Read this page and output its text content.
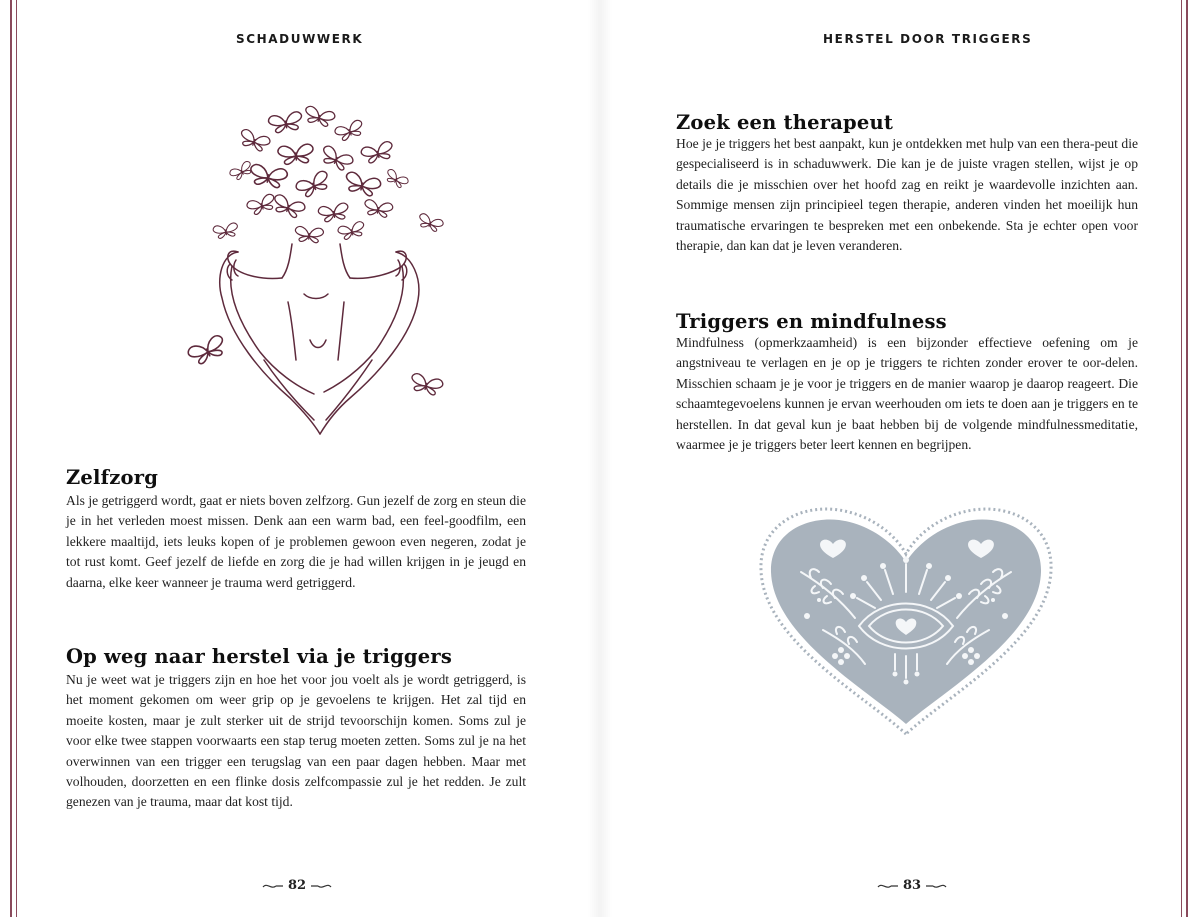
SCHADUWWERK
Zelfzorg

Als je getriggerd wordt, gaat er niets boven zelfzorg. Gun jezelf de zorg en steun die je in het verleden moest missen. Denk aan een warm bad, een feel-goodfilm, een lekkere maaltijd, iets leuks kopen of je problemen gewoon even negeren, zodat je tot rust komt. Geef jezelf de liefde en zorg die je had willen krijgen in je jeugd en daarna, elke keer wanneer je trauma werd getriggerd.

Op weg naar herstel via je triggers

Nu je weet wat je triggers zijn en hoe het voor jou voelt als je wordt getriggerd, is het moment gekomen om weer grip op je gevoelens te krijgen. Het zal tijd en moeite kosten, maar je zult sterker uit de strijd tevoorschijn komen. Soms zul je voor elke twee stappen voorwaarts een stap terug moeten zetten. Soms zul je na het overwinnen van een trigger een terugslag van een paar dagen hebben. Maar met volhouden, doorzetten en een flinke dosis zelfcompassie zul je het redden. Je zult genezen van je trauma, maar dat kost tijd.

82
HERSTEL DOOR TRIGGERS
Zoek een therapeut

Hoe je je triggers het best aanpakt, kun je ontdekken met hulp van een thera-peut die gespecialiseerd is in schaduwwerk. Die kan je de juiste vragen stellen, wijst je op details die je misschien over het hoofd zag en reikt je waardevolle inzichten aan. Sommige mensen zijn principieel tegen therapie, anderen vinden het moeilijk hun traumatische ervaringen te bespreken met een onbekende. Sta je echter open voor therapie, dan kan dat je leven veranderen.

Triggers en mindfulness

Mindfulness (opmerkzaamheid) is een bijzonder effectieve oefening om je angstniveau te verlagen en je op je triggers te richten zonder erover te oor-delen. Misschien schaam je je voor je triggers en de manier waarop je daarop reageert. Die schaamtegevoelens kunnen je ervan weerhouden om iets te doen aan je triggers en te herstellen. In dat geval kun je baat hebben bij de volgende mindfulnessmeditatie, waarmee je je triggers beter leert kennen en begrijpen.

83
